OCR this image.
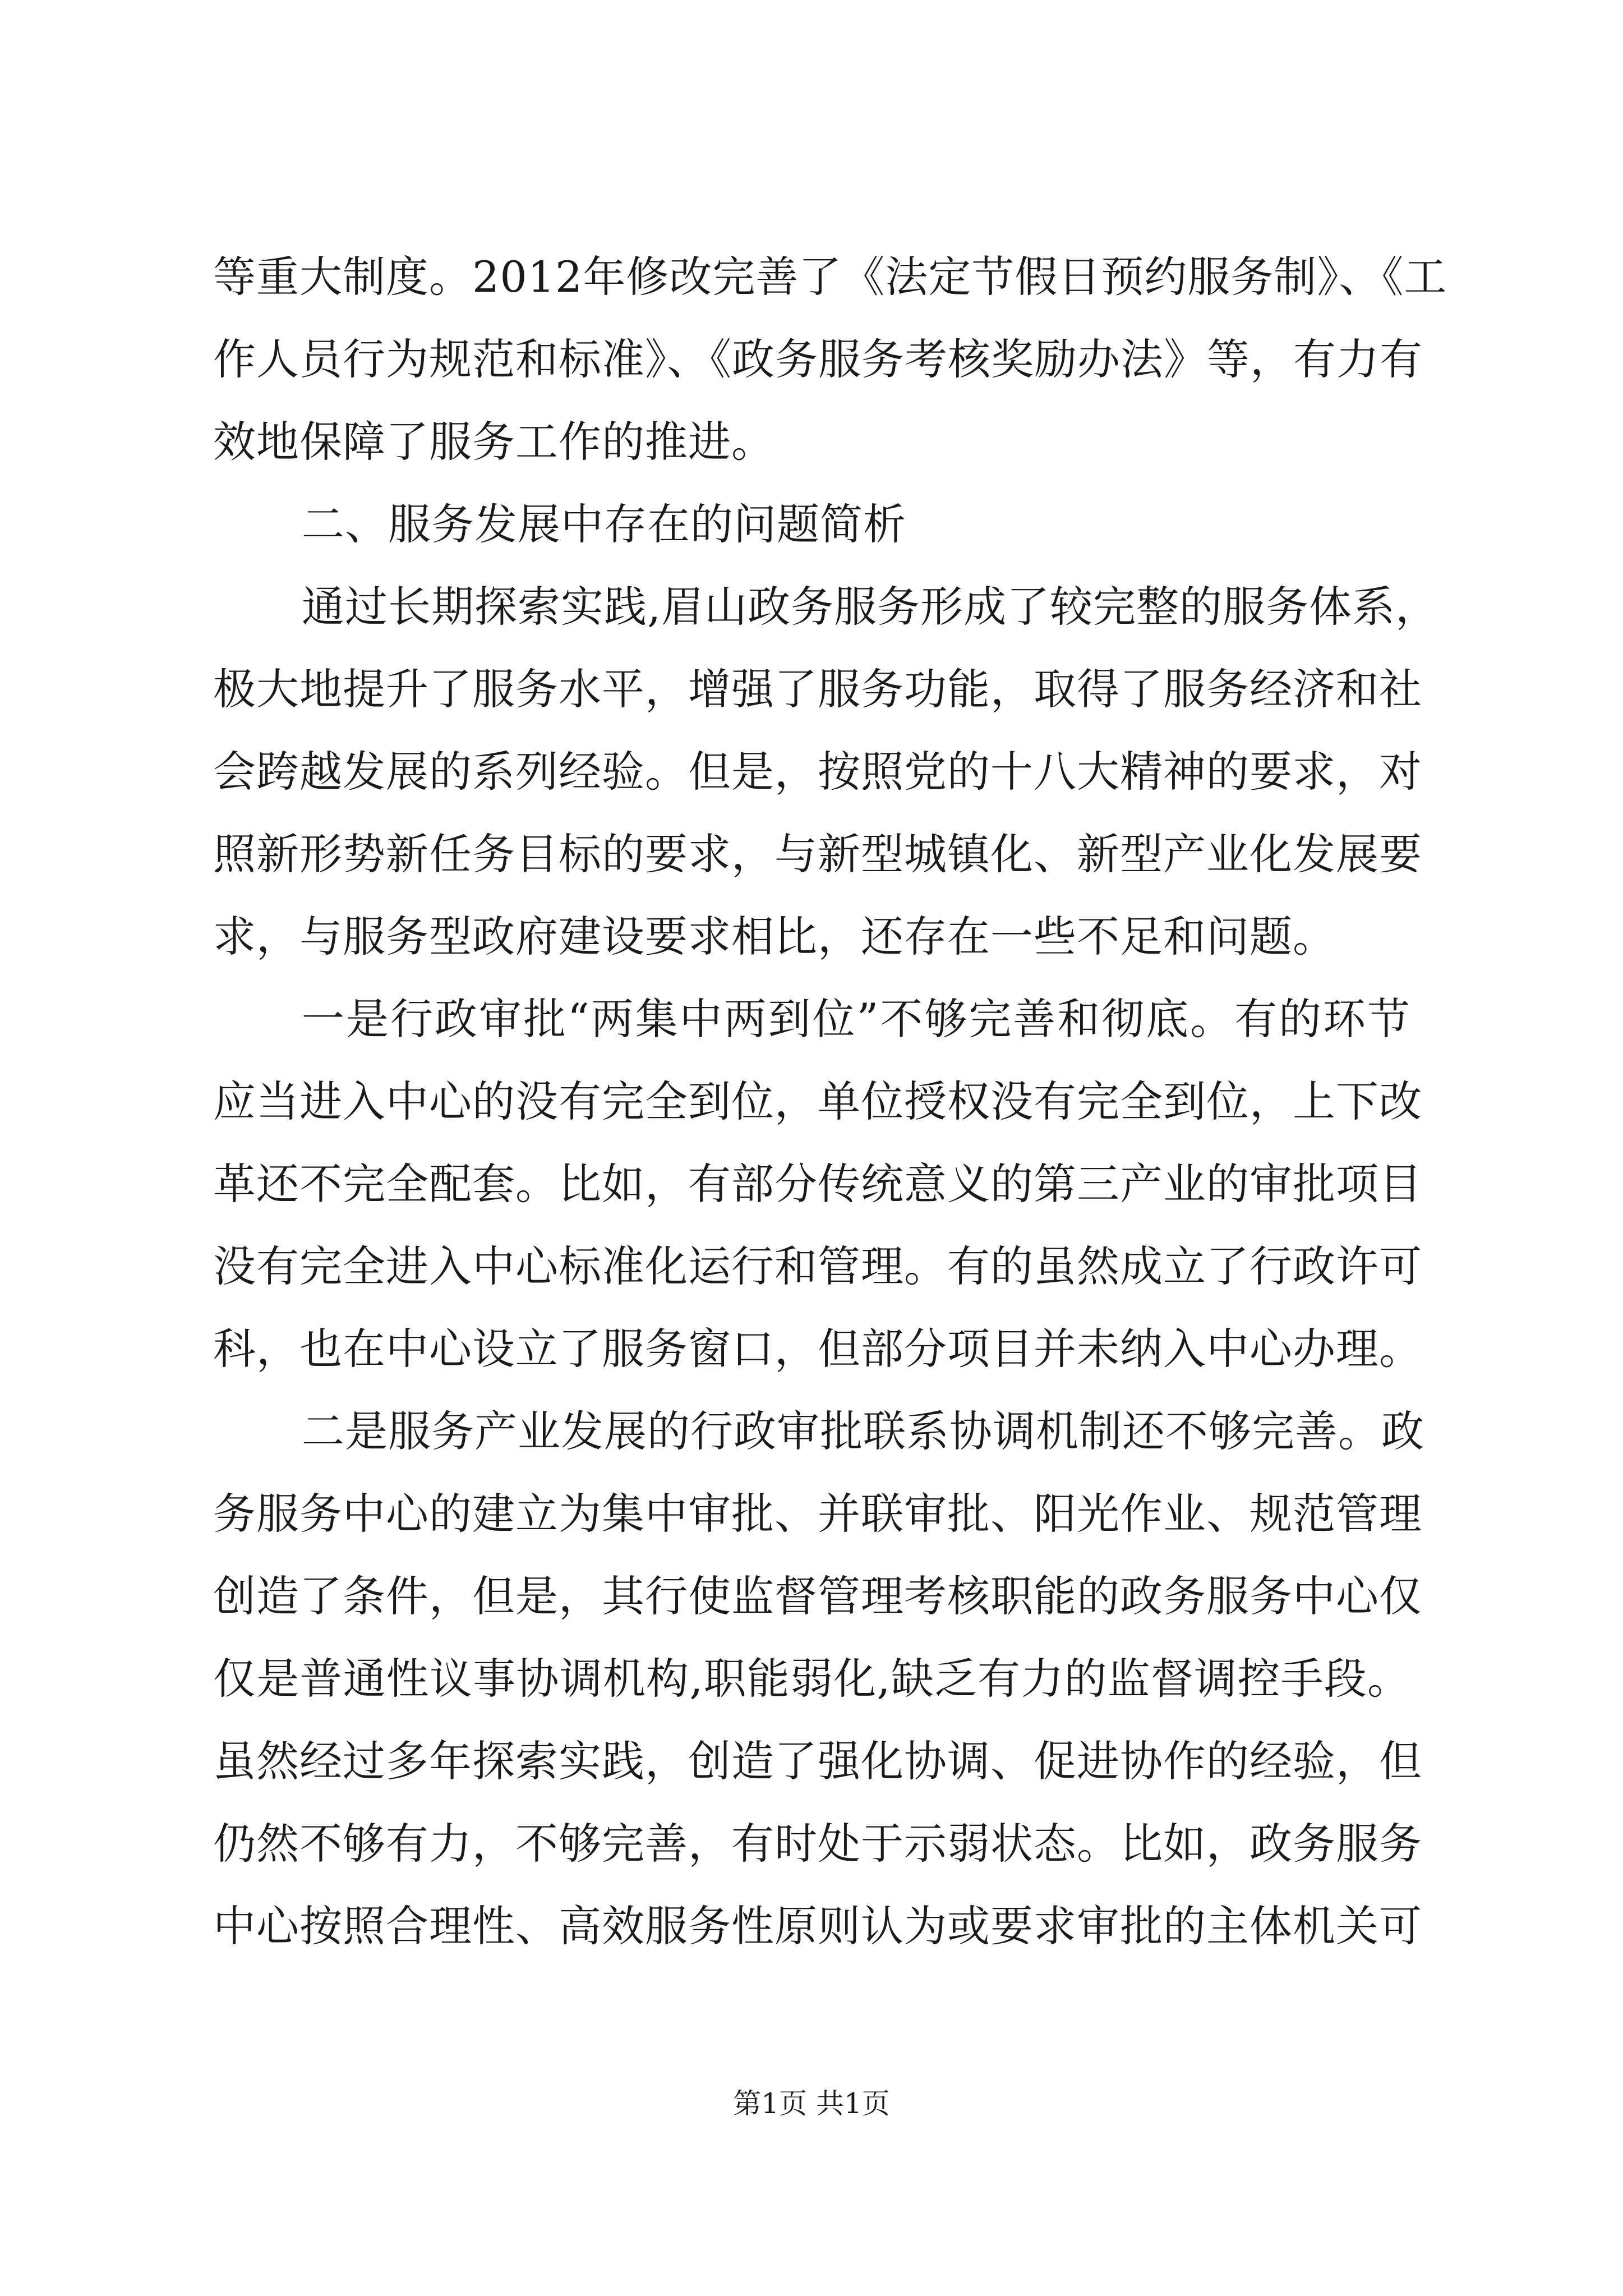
等重大制度。2012年修改完善了《法定节假日预约服务制》、《工

作人员行为规范和标准》、《政务服务考核奖励办法》等，有力有

效地保障了服务工作的推进。

二、服务发展中存在的问题简析

通过长期探索实践,眉山政务服务形成了较完整的服务体系，

极大地提升了服务水平，增强了服务功能，取得了服务经济和社

会跨越发展的系列经验。但是，按照党的十八大精神的要求，对

照新形势新任务目标的要求，与新型城镇化、新型产业化发展要

求，与服务型政府建设要求相比，还存在一些不足和问题。

一是行政审批“两集中两到位”不够完善和彻底。有的环节

应当进入中心的没有完全到位，单位授权没有完全到位，上下改

革还不完全配套。比如，有部分传统意义的第三产业的审批项目

没有完全进入中心标准化运行和管理。有的虽然成立了行政许可

科，也在中心设立了服务窗口，但部分项目并未纳入中心办理。

二是服务产业发展的行政审批联系协调机制还不够完善。政

务服务中心的建立为集中审批、并联审批、阳光作业、规范管理

创造了条件，但是，其行使监督管理考核职能的政务服务中心仅

仅是普通性议事协调机构,职能弱化,缺乏有力的监督调控手段。

虽然经过多年探索实践，创造了强化协调、促进协作的经验，但

仍然不够有力，不够完善，有时处于示弱状态。比如，政务服务

中心按照合理性、高效服务性原则认为或要求审批的主体机关可

第1页 共1页
